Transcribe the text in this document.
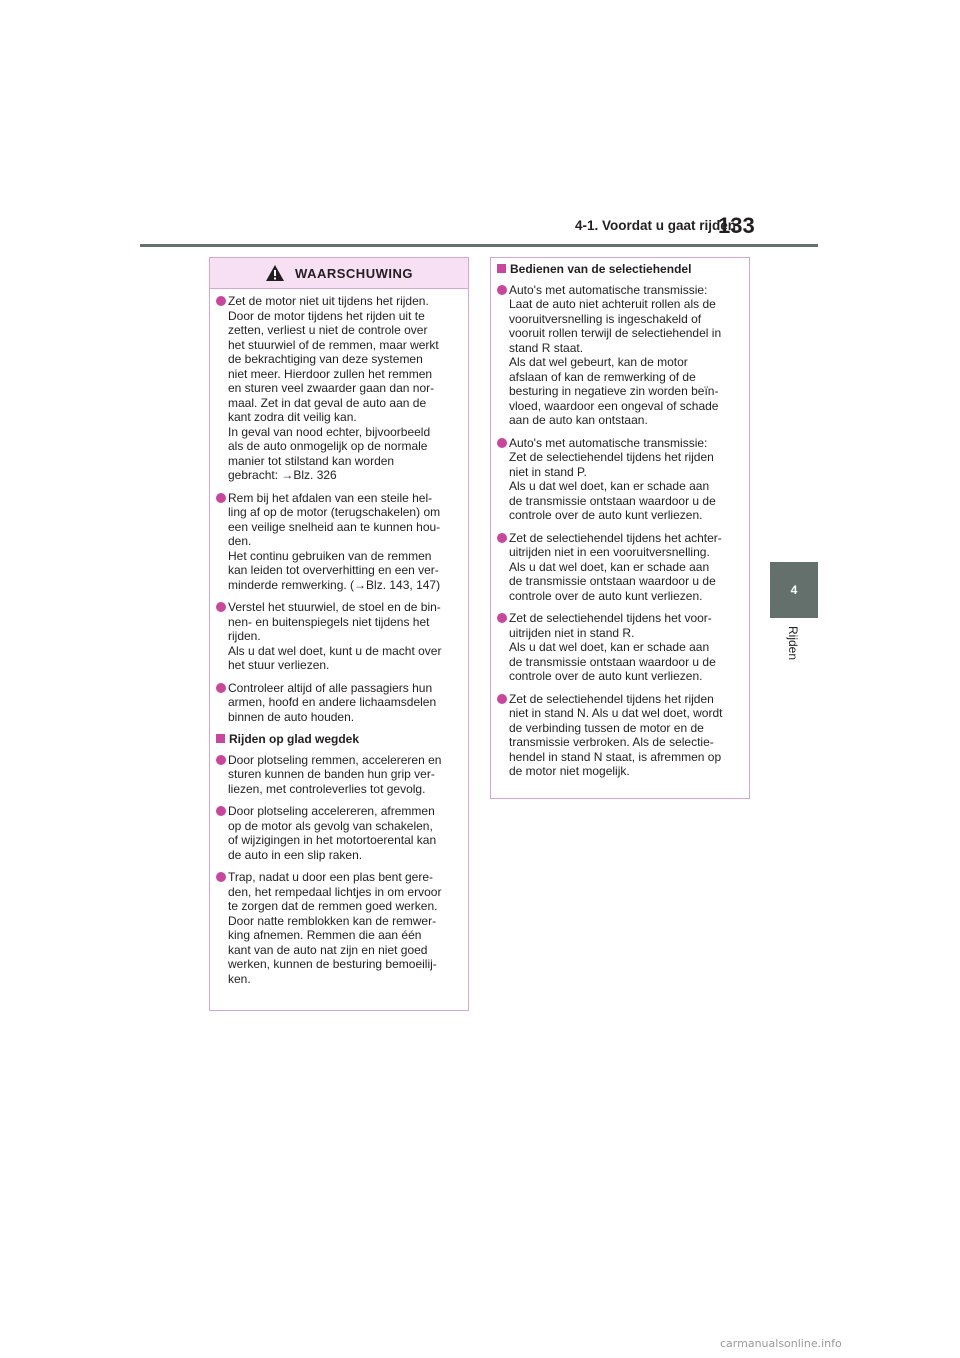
4-1. Voordat u gaat rijden
133
4
Rijden
WAARSCHUWING
Zet de motor niet uit tijdens het rijden.
Door de motor tijdens het rijden uit te
zetten, verliest u niet de controle over
het stuurwiel of de remmen, maar werkt
de bekrachtiging van deze systemen
niet meer. Hierdoor zullen het remmen
en sturen veel zwaarder gaan dan nor-
maal. Zet in dat geval de auto aan de
kant zodra dit veilig kan.
In geval van nood echter, bijvoorbeeld
als de auto onmogelijk op de normale
manier tot stilstand kan worden
gebracht: →Blz. 326
Rem bij het afdalen van een steile hel-
ling af op de motor (terugschakelen) om
een veilige snelheid aan te kunnen hou-
den.
Het continu gebruiken van de remmen
kan leiden tot oververhitting en een ver-
minderde remwerking. (→Blz. 143, 147)
Verstel het stuurwiel, de stoel en de bin-
nen- en buitenspiegels niet tijdens het
rijden.
Als u dat wel doet, kunt u de macht over
het stuur verliezen.
Controleer altijd of alle passagiers hun
armen, hoofd en andere lichaamsdelen
binnen de auto houden.
Rijden op glad wegdek
Door plotseling remmen, accelereren en
sturen kunnen de banden hun grip ver-
liezen, met controleverlies tot gevolg.
Door plotseling accelereren, afremmen
op de motor als gevolg van schakelen,
of wijzigingen in het motortoerental kan
de auto in een slip raken.
Trap, nadat u door een plas bent gere-
den, het rempedaal lichtjes in om ervoor
te zorgen dat de remmen goed werken.
Door natte remblokken kan de remwer-
king afnemen. Remmen die aan één
kant van de auto nat zijn en niet goed
werken, kunnen de besturing bemoeilij-
ken.
Bedienen van de selectiehendel
Auto's met automatische transmissie:
Laat de auto niet achteruit rollen als de
vooruitversnelling is ingeschakeld of
vooruit rollen terwijl de selectiehendel in
stand R staat.
Als dat wel gebeurt, kan de motor
afslaan of kan de remwerking of de
besturing in negatieve zin worden beïn-
vloed, waardoor een ongeval of schade
aan de auto kan ontstaan.
Auto's met automatische transmissie:
Zet de selectiehendel tijdens het rijden
niet in stand P.
Als u dat wel doet, kan er schade aan
de transmissie ontstaan waardoor u de
controle over de auto kunt verliezen.
Zet de selectiehendel tijdens het achter-
uitrijden niet in een vooruitversnelling.
Als u dat wel doet, kan er schade aan
de transmissie ontstaan waardoor u de
controle over de auto kunt verliezen.
Zet de selectiehendel tijdens het voor-
uitrijden niet in stand R.
Als u dat wel doet, kan er schade aan
de transmissie ontstaan waardoor u de
controle over de auto kunt verliezen.
Zet de selectiehendel tijdens het rijden
niet in stand N. Als u dat wel doet, wordt
de verbinding tussen de motor en de
transmissie verbroken. Als de selectie-
hendel in stand N staat, is afremmen op
de motor niet mogelijk.
carmanualsonline.info
